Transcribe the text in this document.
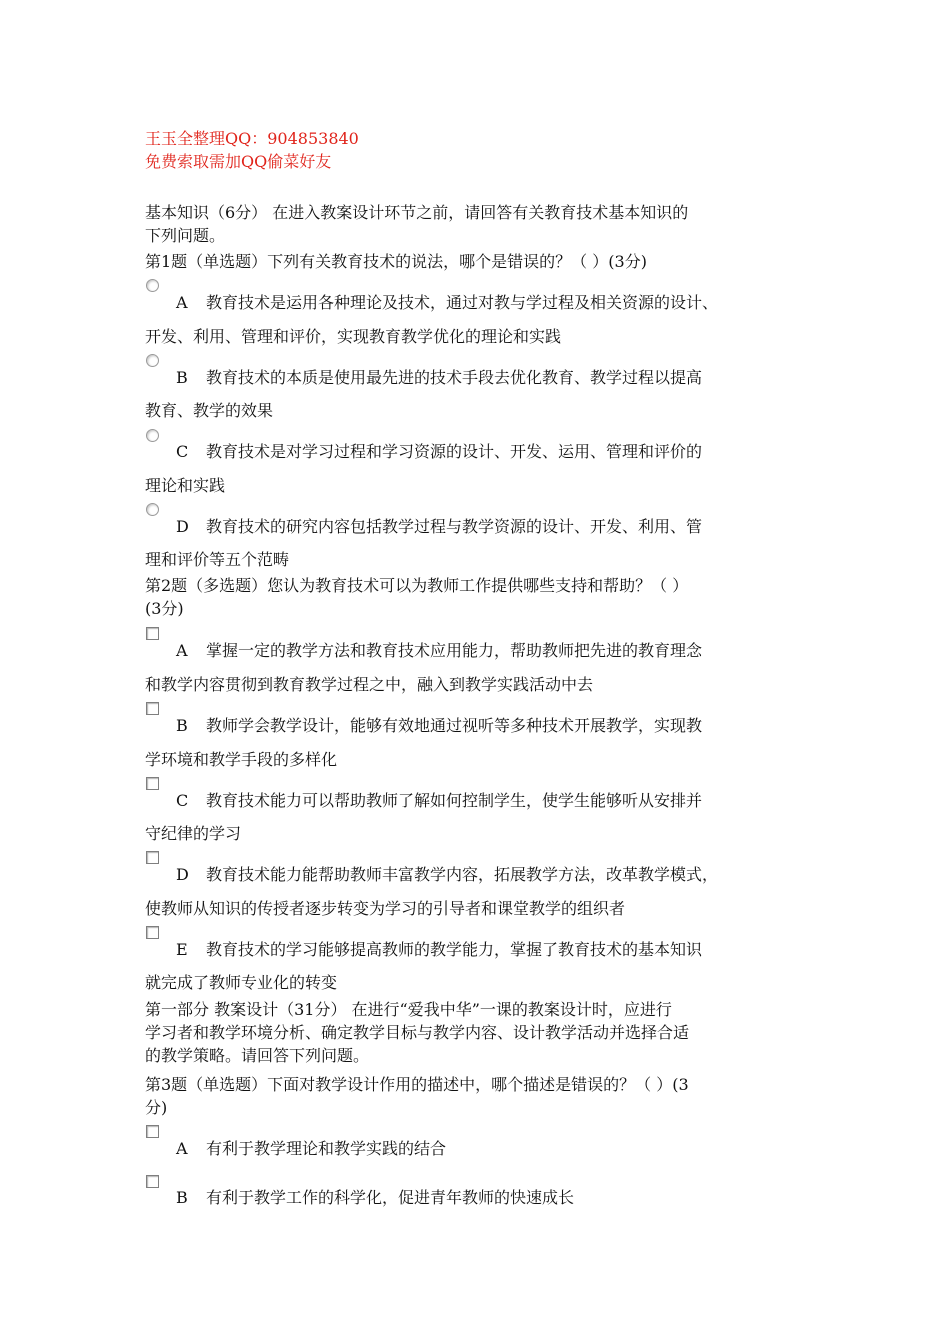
王玉全整理QQ：904853840
免费索取需加QQ偷菜好友
基本知识（6分） 在进入教案设计环节之前，请回答有关教育技术基本知识的
下列问题。
第1题（单选题）下列有关教育技术的说法，哪个是错误的？（ ）(3分)
A 教育技术是运用各种理论及技术，通过对教与学过程及相关资源的设计、
开发、利用、管理和评价，实现教育教学优化的理论和实践
B 教育技术的本质是使用最先进的技术手段去优化教育、教学过程以提高
教育、教学的效果
C 教育技术是对学习过程和学习资源的设计、开发、运用、管理和评价的
理论和实践
D 教育技术的研究内容包括教学过程与教学资源的设计、开发、利用、管
理和评价等五个范畴
第2题（多选题）您认为教育技术可以为教师工作提供哪些支持和帮助？（ ）
(3分)
A 掌握一定的教学方法和教育技术应用能力，帮助教师把先进的教育理念
和教学内容贯彻到教育教学过程之中，融入到教学实践活动中去
B 教师学会教学设计，能够有效地通过视听等多种技术开展教学，实现教
学环境和教学手段的多样化
C 教育技术能力可以帮助教师了解如何控制学生，使学生能够听从安排并
守纪律的学习
D 教育技术能力能帮助教师丰富教学内容，拓展教学方法，改革教学模式，
使教师从知识的传授者逐步转变为学习的引导者和课堂教学的组织者
E 教育技术的学习能够提高教师的教学能力，掌握了教育技术的基本知识
就完成了教师专业化的转变
第一部分 教案设计（31分） 在进行“爱我中华”一课的教案设计时，应进行
学习者和教学环境分析、确定教学目标与教学内容、设计教学活动并选择合适
的教学策略。请回答下列问题。
第3题（单选题）下面对教学设计作用的描述中，哪个描述是错误的？（ ）(3
分)
A 有利于教学理论和教学实践的结合
B 有利于教学工作的科学化，促进青年教师的快速成长
